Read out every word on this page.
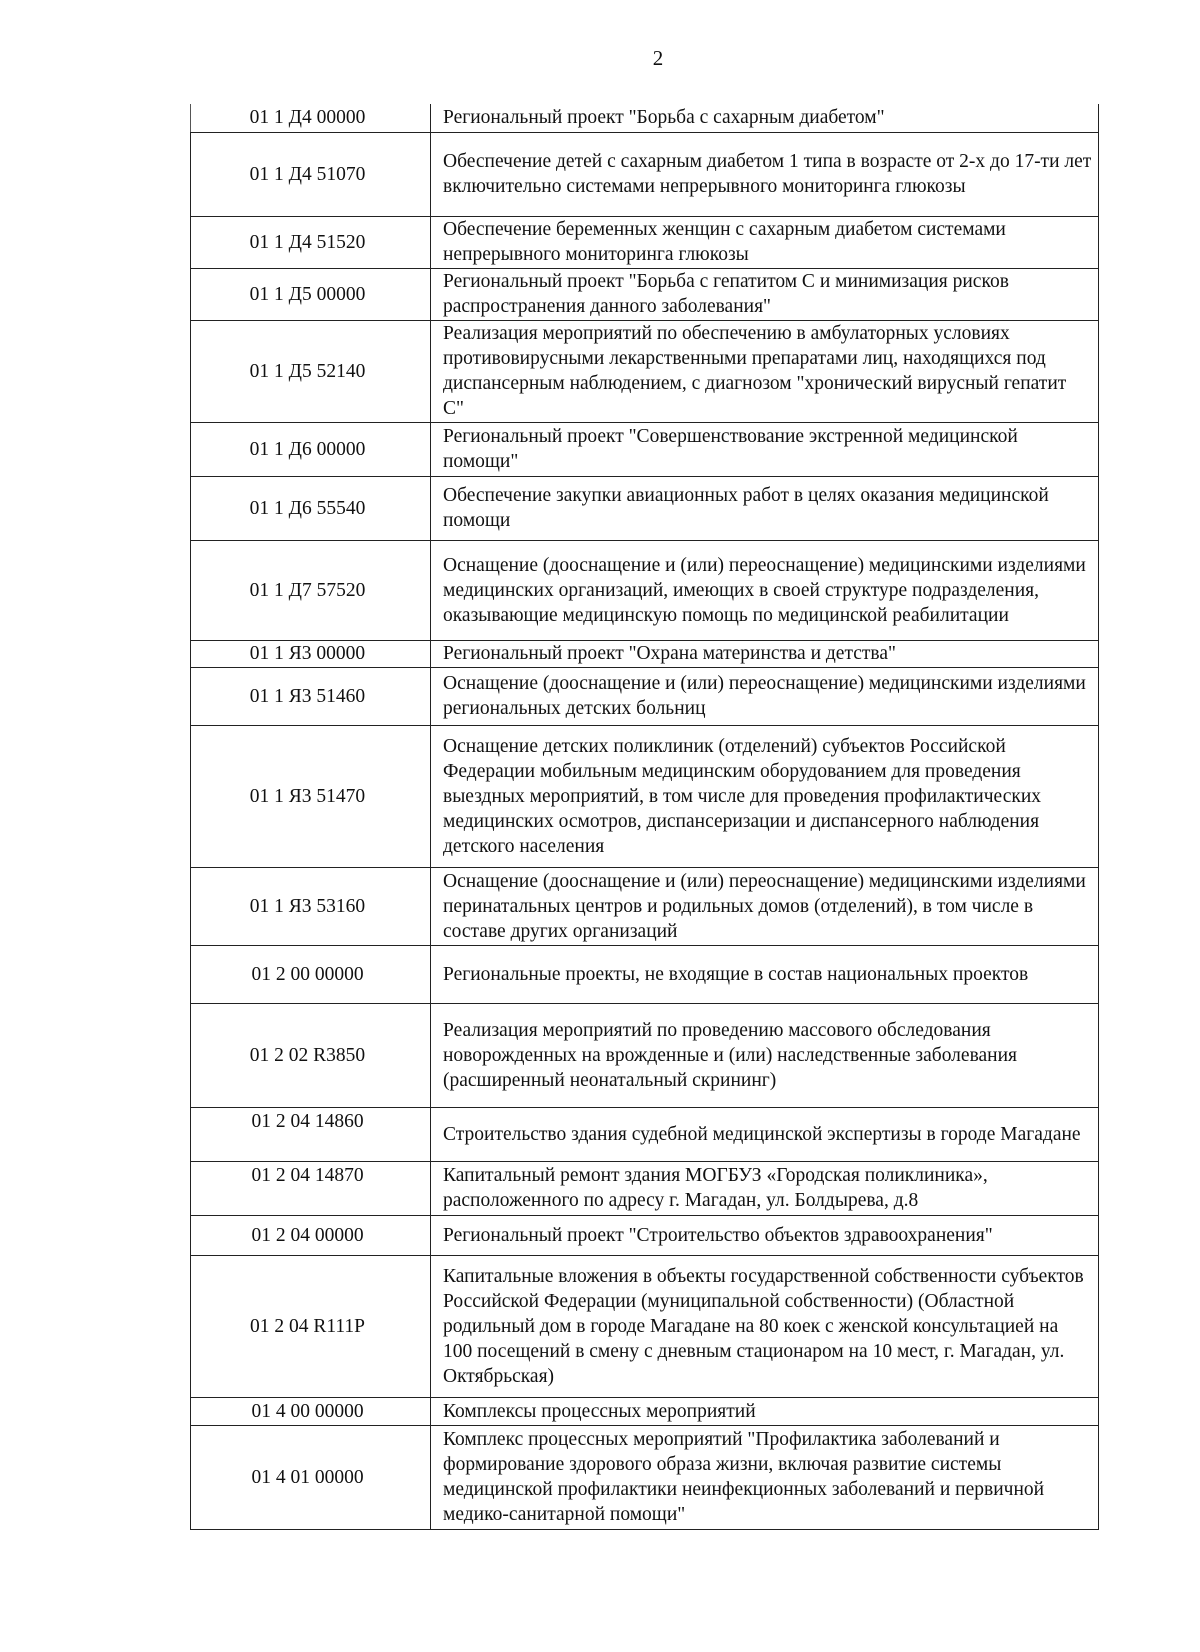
2
01 1 Д4 00000	Региональный проект "Борьба с сахарным диабетом"
01 1 Д4 51070	Обеспечение детей с сахарным диабетом 1 типа в возрасте от 2-х до 17-ти лет включительно системами непрерывного мониторинга глюкозы
01 1 Д4 51520	Обеспечение беременных женщин с сахарным диабетом системами непрерывного мониторинга глюкозы
01 1 Д5 00000	Региональный проект "Борьба с гепатитом С и минимизация рисков распространения данного заболевания"
01 1 Д5 52140	Реализация мероприятий по обеспечению в амбулаторных условиях противовирусными лекарственными препаратами лиц, находящихся под диспансерным наблюдением, с диагнозом "хронический вирусный гепатит С"
01 1 Д6 00000	Региональный проект "Совершенствование экстренной медицинской помощи"
01 1 Д6 55540	Обеспечение закупки авиационных работ в целях оказания медицинской помощи
01 1 Д7 57520	Оснащение (дооснащение и (или) переоснащение) медицинскими изделиями медицинских организаций, имеющих в своей структуре подразделения, оказывающие медицинскую помощь по медицинской реабилитации
01 1 Я3 00000	Региональный проект "Охрана материнства и детства"
01 1 Я3 51460	Оснащение (дооснащение и (или) переоснащение) медицинскими изделиями региональных детских больниц
01 1 Я3 51470	Оснащение детских поликлиник (отделений) субъектов Российской Федерации мобильным медицинским оборудованием для проведения выездных мероприятий, в том числе для проведения профилактических медицинских осмотров, диспансеризации и диспансерного наблюдения детского населения
01 1 Я3 53160	Оснащение (дооснащение и (или) переоснащение) медицинскими изделиями перинатальных центров и родильных домов (отделений), в том числе в составе других организаций
01 2 00 00000	Региональные проекты, не входящие в состав национальных проектов
01 2 02 R3850	Реализация мероприятий по проведению массового обследования новорожденных на врожденные и (или) наследственные заболевания (расширенный неонатальный скрининг)
01 2 04 14860	Строительство здания судебной медицинской экспертизы в городе Магадане
01 2 04 14870	Капитальный ремонт здания МОГБУЗ «Городская поликлиника», расположенного по адресу г. Магадан, ул. Болдырева, д.8
01 2 04 00000	Региональный проект "Строительство объектов здравоохранения"
01 2 04 R111Р	Капитальные вложения в объекты государственной собственности субъектов Российской Федерации (муниципальной собственности) (Областной родильный дом в городе Магадане на 80 коек с женской консультацией на 100 посещений в смену с дневным стационаром на 10 мест, г. Магадан, ул. Октябрьская)
01 4 00 00000	Комплексы процессных мероприятий
01 4 01 00000	Комплекс процессных мероприятий "Профилактика заболеваний и формирование здорового образа жизни, включая развитие системы медицинской профилактики неинфекционных заболеваний и первичной медико-санитарной помощи"
